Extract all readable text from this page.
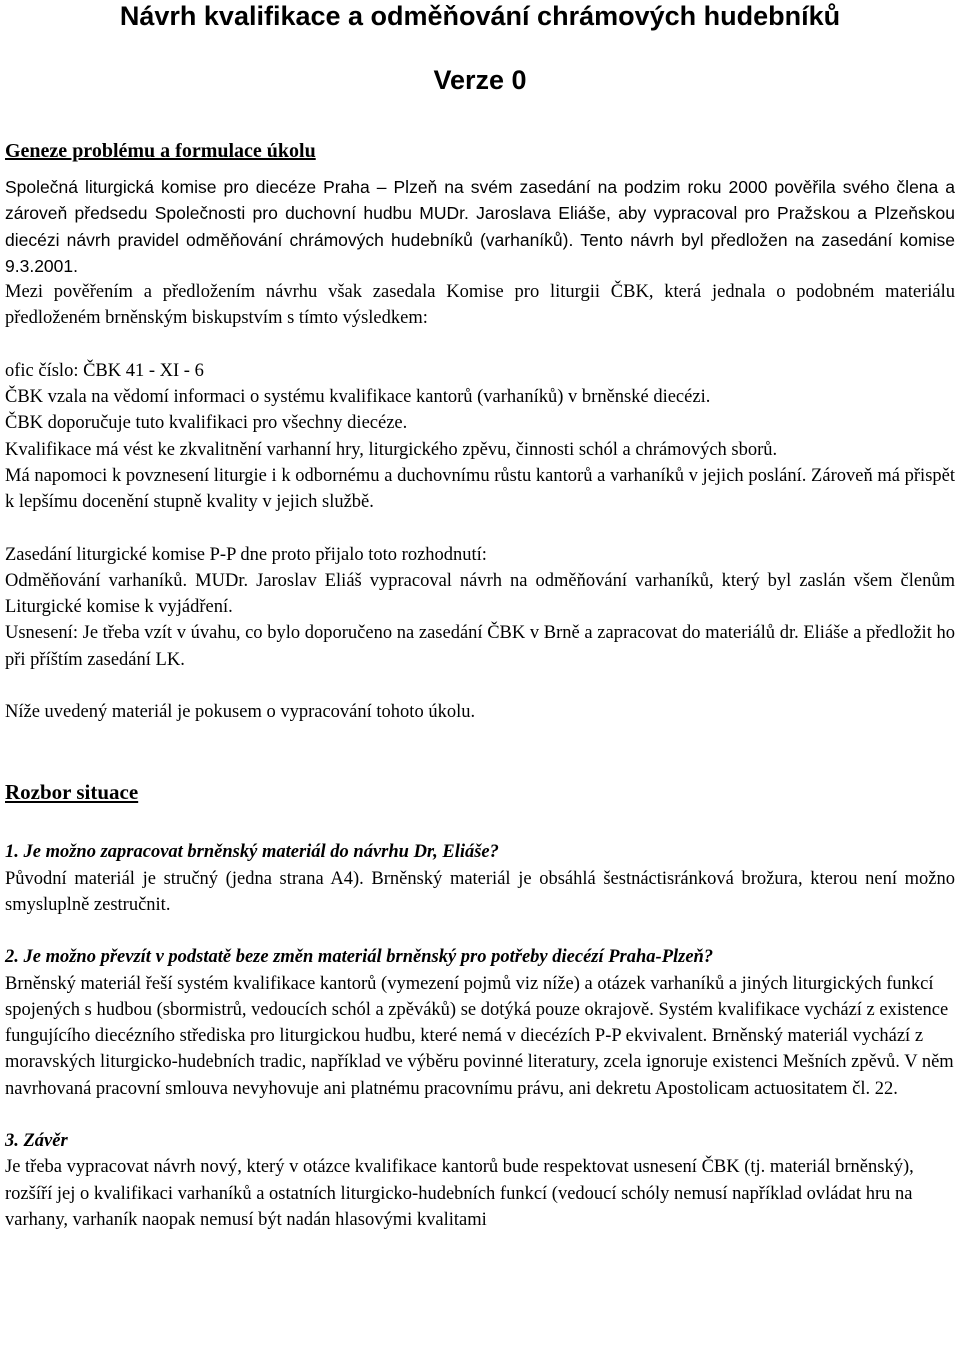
Návrh kvalifikace a odměňování chrámových hudebníků
Verze 0

Geneze problému a formulace úkolu

Společná liturgická komise pro diecéze Praha – Plzeň na svém zasedání na podzim roku 2000 pověřila svého člena a zároveň předsedu Společnosti pro duchovní hudbu MUDr. Jaroslava Eliáše, aby vypracoval pro Pražskou a Plzeňskou diecézi návrh pravidel odměňování chrámových hudebníků (varhaníků). Tento návrh byl předložen na zasedání komise 9.3.2001.

Mezi pověřením a předložením návrhu však zasedala Komise pro liturgii ČBK, která jednala o podobném materiálu předloženém brněnským biskupstvím s tímto výsledkem:

ofic číslo: ČBK 41 - XI - 6

ČBK vzala na vědomí informaci o systému kvalifikace kantorů (varhaníků) v brněnské diecézi.

ČBK doporučuje tuto kvalifikaci pro všechny diecéze.

Kvalifikace má vést ke zkvalitnění varhanní hry, liturgického zpěvu, činnosti schól a chrámových sborů.

Má napomoci k povznesení liturgie i k odbornému a duchovnímu růstu kantorů a varhaníků v jejich poslání. Zároveň má přispět k lepšímu docenění stupně kvality v jejich službě.

Zasedání liturgické komise P-P dne proto přijalo toto rozhodnutí:

Odměňování varhaníků. MUDr. Jaroslav Eliáš vypracoval návrh na odměňování varhaníků, který byl zaslán všem členům Liturgické komise k vyjádření.

Usnesení: Je třeba vzít v úvahu, co bylo doporučeno na zasedání ČBK v Brně a zapracovat do materiálů dr. Eliáše a předložit ho při příštím zasedání LK.

Níže uvedený materiál je pokusem o vypracování tohoto úkolu.

Rozbor situace

1. Je možno zapracovat brněnský materiál do návrhu Dr, Eliáše?

Původní materiál je stručný (jedna strana A4). Brněnský materiál je obsáhlá šestnáctisránková brožura, kterou není možno smysluplně zestručnit.

2. Je možno převzít v podstatě beze změn materiál brněnský pro potřeby diecézí Praha-Plzeň?

Brněnský materiál řeší systém kvalifikace kantorů (vymezení pojmů viz níže) a otázek varhaníků a jiných liturgických funkcí spojených s hudbou (sbormistrů, vedoucích schól a zpěváků) se dotýká pouze okrajově. Systém kvalifikace vychází z existence fungujícího diecézního střediska pro liturgickou hudbu, které nemá v diecézích P-P ekvivalent. Brněnský materiál vychází z moravských liturgicko-hudebních tradic, například ve výběru povinné literatury, zcela ignoruje existenci Mešních zpěvů. V něm navrhovaná pracovní smlouva nevyhovuje ani platnému pracovnímu právu, ani dekretu Apostolicam actuositatem čl. 22.

3. Závěr

Je třeba vypracovat návrh nový, který v otázce kvalifikace kantorů bude respektovat usnesení ČBK (tj. materiál brněnský), rozšíří jej o kvalifikaci varhaníků a ostatních liturgicko-hudebních funkcí (vedoucí schóly nemusí například ovládat hru na varhany, varhaník naopak nemusí být nadán hlasovými kvalitami
